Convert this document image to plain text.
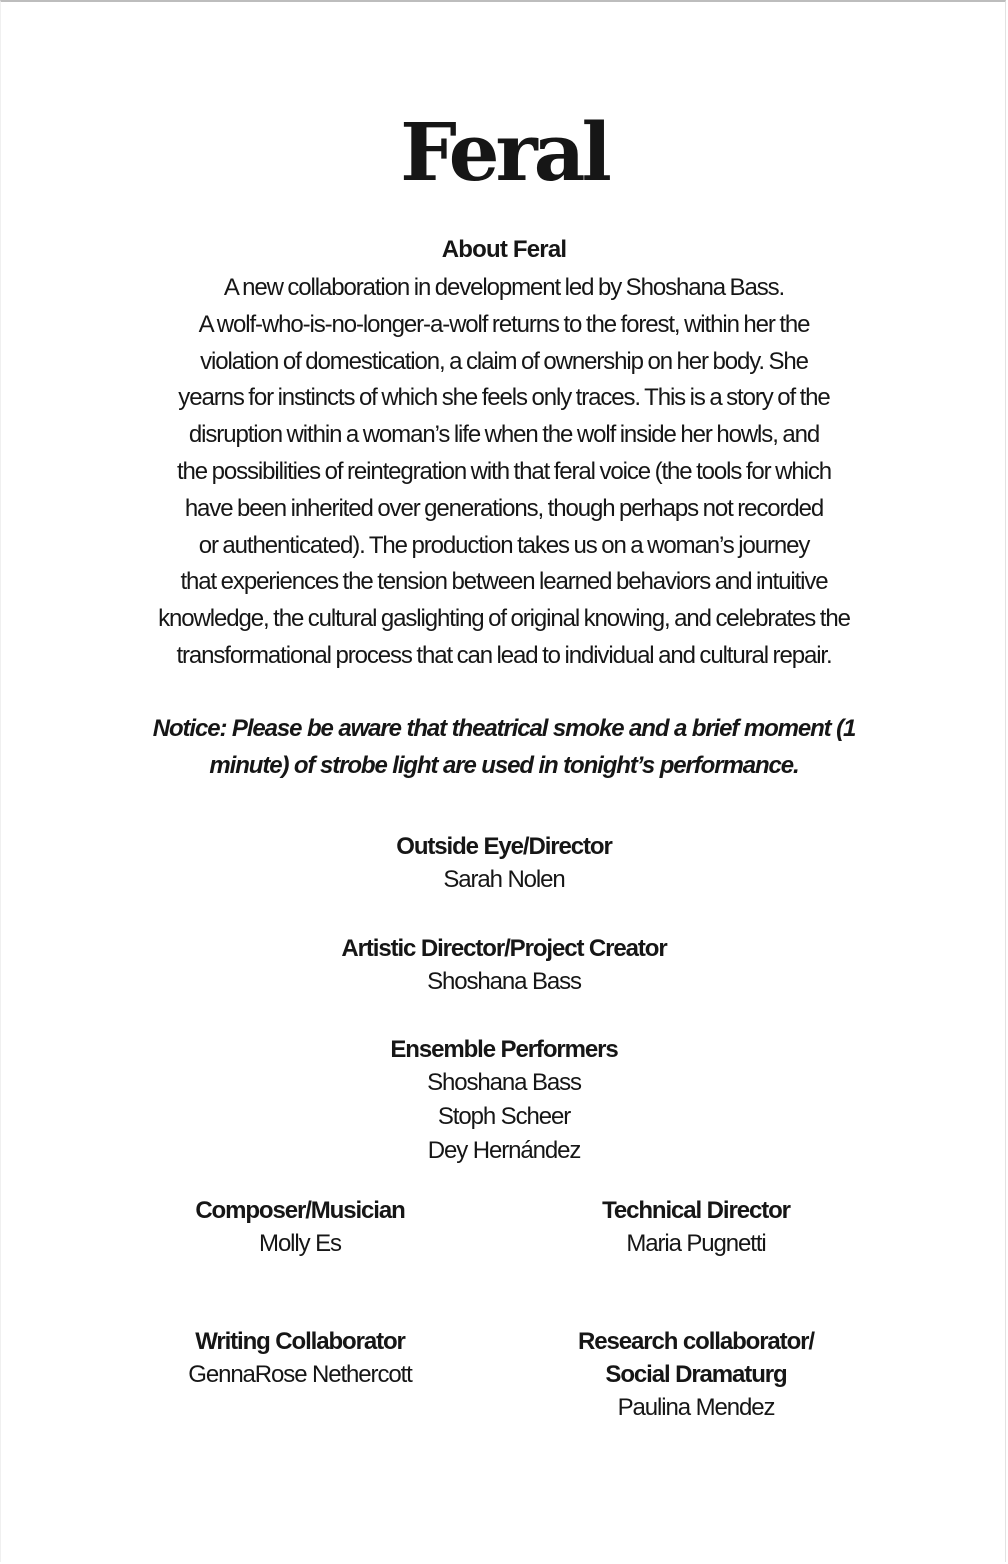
Feral
About Feral
A new collaboration in development led by Shoshana Bass.
A wolf-who-is-no-longer-a-wolf returns to the forest, within her the
violation of domestication, a claim of ownership on her body. She
yearns for instincts of which she feels only traces. This is a story of the
disruption within a woman’s life when the wolf inside her howls, and
the possibilities of reintegration with that feral voice (the tools for which
have been inherited over generations, though perhaps not recorded
or authenticated). The production takes us on a woman’s journey
that experiences the tension between learned behaviors and intuitive
knowledge, the cultural gaslighting of original knowing, and celebrates the
transformational process that can lead to individual and cultural repair.
Notice: Please be aware that theatrical smoke and a brief moment (1
minute) of strobe light are used in tonight’s performance.
Outside Eye/Director
Sarah Nolen
Artistic Director/Project Creator
Shoshana Bass
Ensemble Performers
Shoshana Bass
Stoph Scheer
Dey Hernández
Composer/Musician
Molly Es
Technical Director
Maria Pugnetti
Writing Collaborator
GennaRose Nethercott
Research collaborator/
Social Dramaturg
Paulina Mendez
